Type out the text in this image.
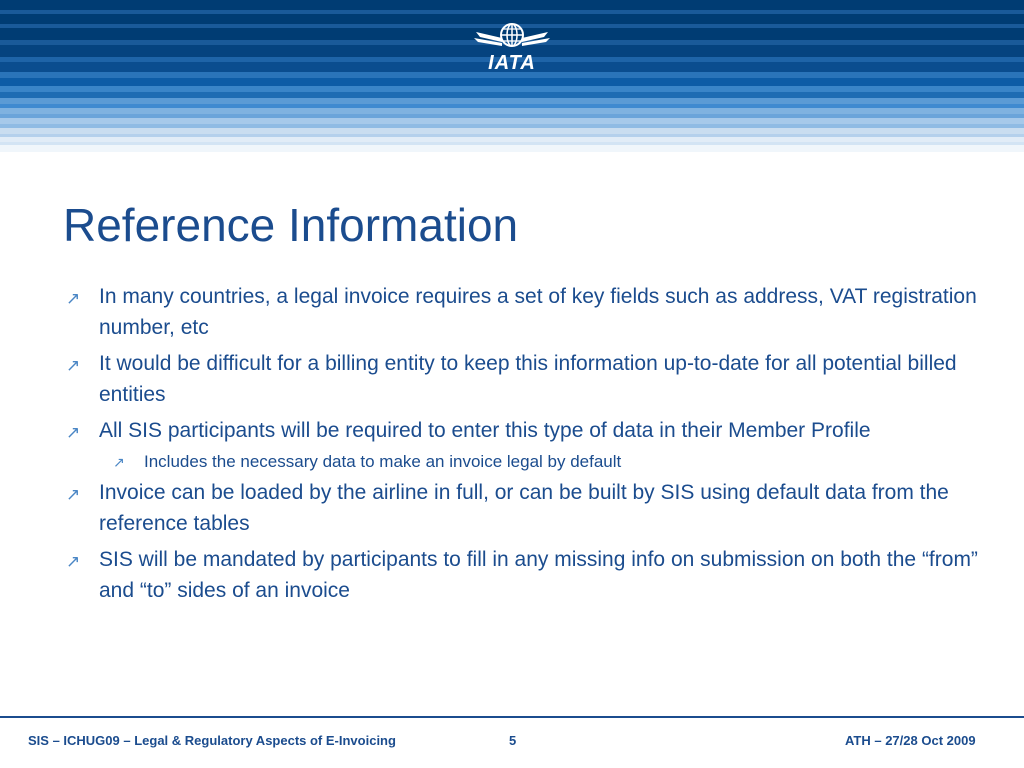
IATA
Reference Information
↗ In many countries, a legal invoice requires a set of key fields such as address, VAT registration number, etc
↗ It would be difficult for a billing entity to keep this information up-to-date for all potential billed entities
↗ All SIS participants will be required to enter this type of data in their Member Profile
↗ Includes the necessary data to make an invoice legal by default
↗ Invoice can be loaded by the airline in full, or can be built by SIS using default data from the reference tables
↗ SIS will be mandated by participants to fill in any missing info on submission on both the “from” and “to” sides of an invoice
SIS – ICHUG09 – Legal & Regulatory Aspects of E-Invoicing	5	ATH – 27/28 Oct 2009
